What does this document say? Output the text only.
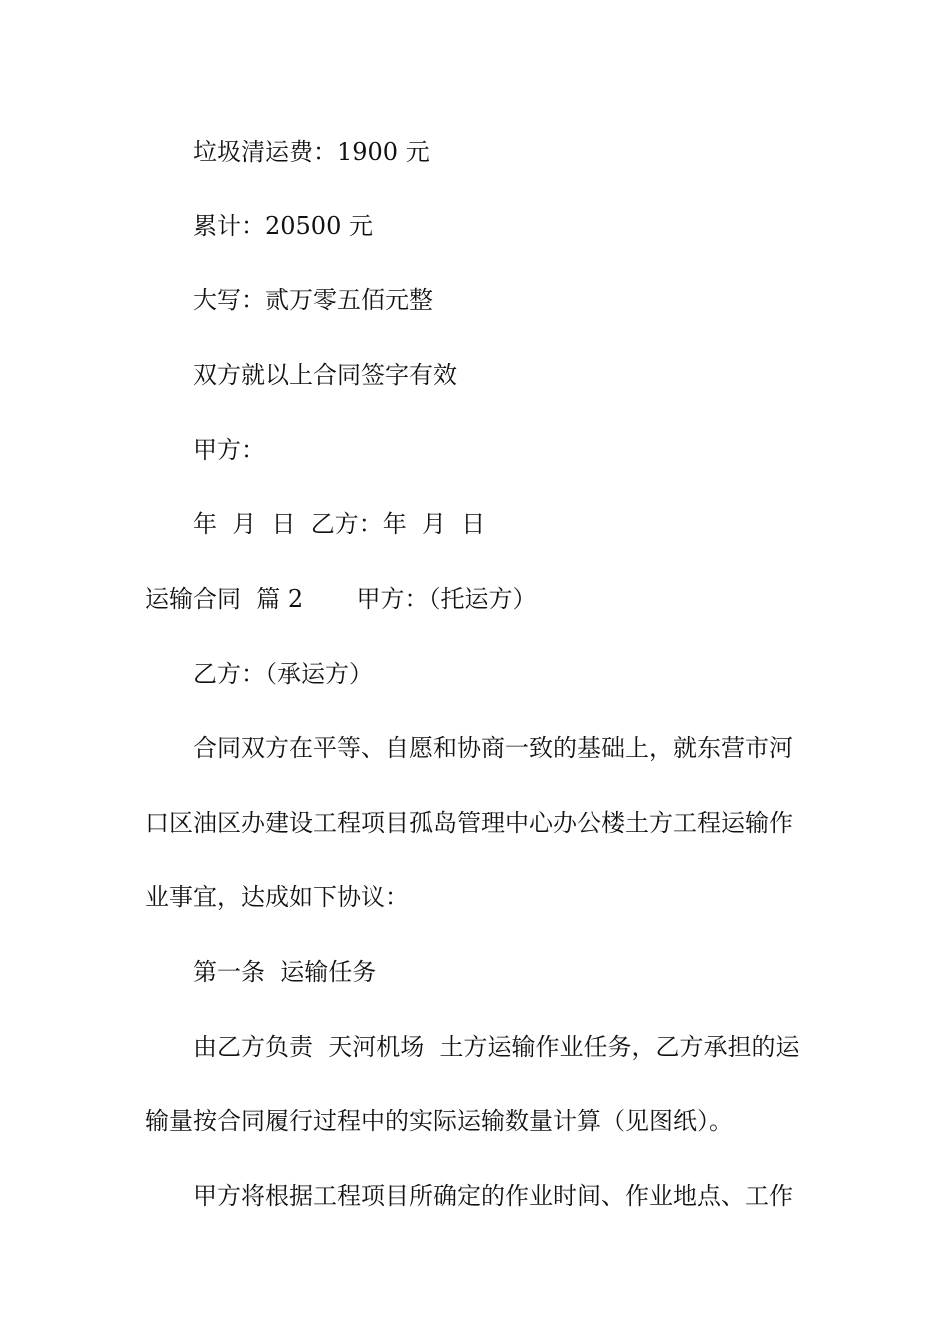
垃圾清运费：1900 元
累计：20500 元
大写：贰万零五佰元整
双方就以上合同签字有效
甲方：
年  月  日  乙方：年  月  日
运输合同  篇 2       甲方：（托运方）
乙方：（承运方）
合同双方在平等、自愿和协商一致的基础上，就东营市河
口区油区办建设工程项目孤岛管理中心办公楼土方工程运输作
业事宜，达成如下协议：
第一条  运输任务
由乙方负责  天河机场  土方运输作业任务，乙方承担的运
输量按合同履行过程中的实际运输数量计算（见图纸）。
甲方将根据工程项目所确定的作业时间、作业地点、工作
